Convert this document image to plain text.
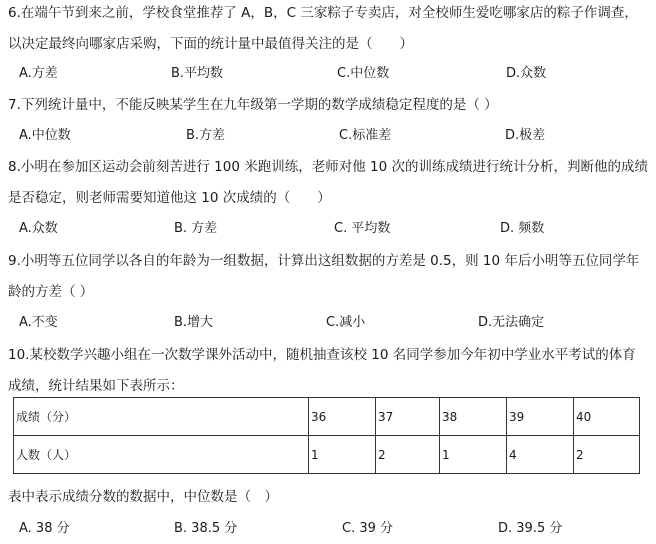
6.在端午节到来之前，学校食堂推荐了 A，B，C 三家粽子专卖店，对全校师生爱吃哪家店的粽子作调查，
以决定最终向哪家店采购，下面的统计量中最值得关注的是（　　）
A.方差	B.平均数	C.中位数	D.众数
7.下列统计量中，不能反映某学生在九年级第一学期的数学成绩稳定程度的是（ ）
A.中位数	B.方差	C.标准差	D.极差
8.小明在参加区运动会前刻苦进行 100 米跑训练，老师对他 10 次的训练成绩进行统计分析，判断他的成绩
是否稳定，则老师需要知道他这 10 次成绩的（　　）
A.众数	B. 方差	C. 平均数	D. 频数
9.小明等五位同学以各自的年龄为一组数据，计算出这组数据的方差是 0.5，则 10 年后小明等五位同学年
龄的方差（ ）
A.不变	B.增大	C.减小	D.无法确定
10.某校数学兴趣小组在一次数学课外活动中，随机抽查该校 10 名同学参加今年初中学业水平考试的体育
成绩，统计结果如下表所示：
成绩（分）	36	37	38	39	40
人数（人）	1	2	1	4	2
表中表示成绩分数的数据中，中位数是（　）
A. 38 分	B. 38.5 分	C. 39 分	D. 39.5 分
